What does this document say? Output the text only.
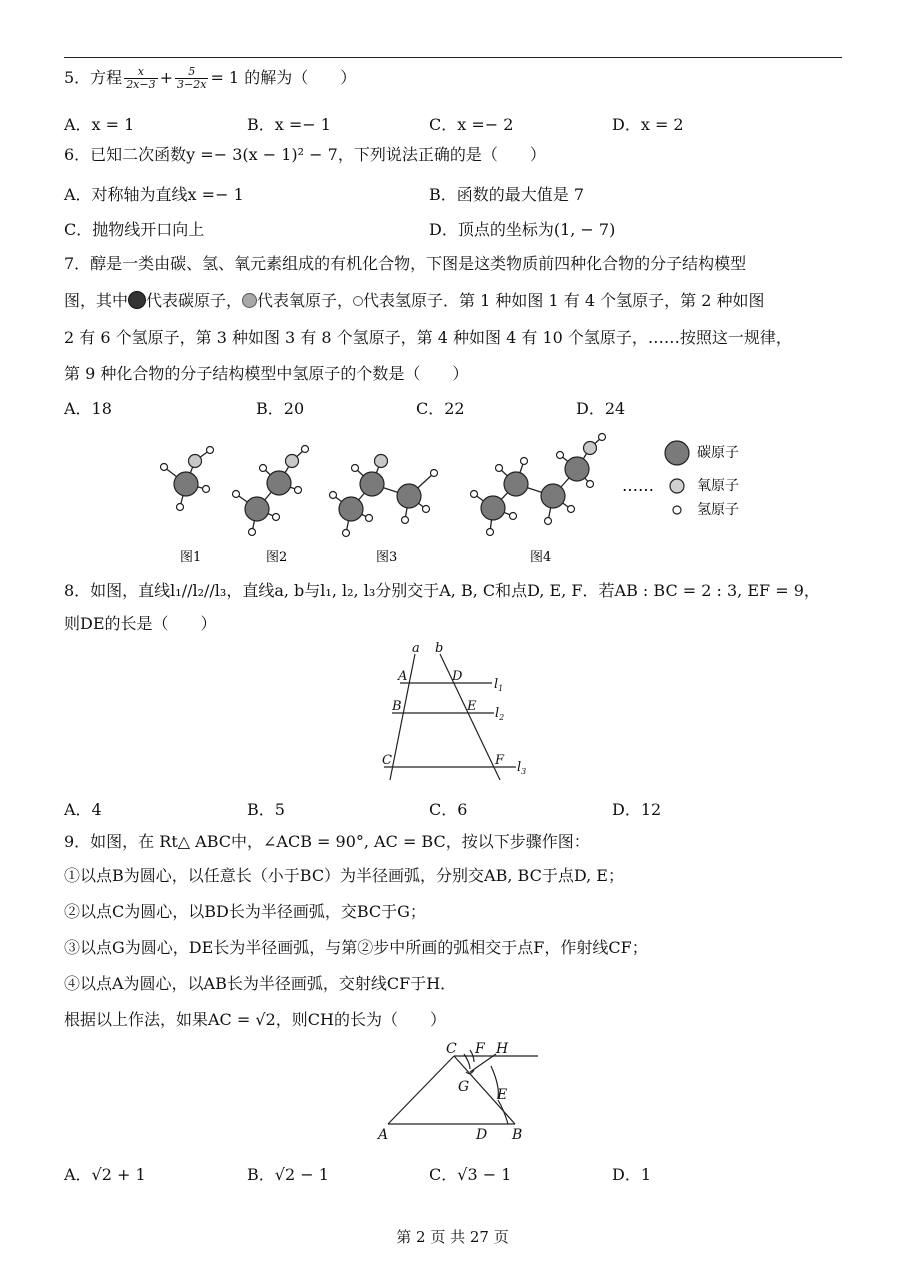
5．方程 $\frac{x}{2x-3} + \frac{5}{3-2x} = 1$ 的解为（　　）
A．x = 1	B．x =− 1	C．x =− 2	D．x = 2
6．已知二次函数y =− 3(x − 1)² − 7，下列说法正确的是（　　）
A．对称轴为直线x =− 1	B．函数的最大值是 7
C．抛物线开口向上	D．顶点的坐标为(1, − 7)
7．醇是一类由碳、氢、氧元素组成的有机化合物，下图是这类物质前四种化合物的分子结构模型
图，其中 代表碳原子， 代表氧原子， 代表氢原子．第 1 种如图 1 有 4 个氢原子，第 2 种如图
2 有 6 个氢原子，第 3 种如图 3 有 8 个氢原子，第 4 种如图 4 有 10 个氢原子，……按照这一规律，
第 9 种化合物的分子结构模型中氢原子的个数是（　　）
A．18	B．20	C．22	D．24
……
碳原子
氧原子
氢原子
图1	图2	图3	图4
8．如图，直线l₁//l₂//l₃，直线a, b与l₁, l₂, l₃分别交于A, B, C和点D, E, F．若AB : BC = 2 : 3, EF = 9，
则DE的长是（　　）
a b
A	D
B	E
C	F
$l_1$
$l_2$
$l_3$
A．4	B．5	C．6	D．12
9．如图，在 Rt△ ABC中，∠ACB = 90°, AC = BC，按以下步骤作图：
①以点B为圆心，以任意长（小于BC）为半径画弧，分别交AB, BC于点D, E；
②以点C为圆心，以BD长为半径画弧，交BC于G；
③以点G为圆心，DE长为半径画弧，与第②步中所画的弧相交于点F，作射线CF；
④以点A为圆心，以AB长为半径画弧，交射线CF于H．
根据以上作法，如果AC = √2，则CH的长为（　　）
A	B
C
D
E
F
G
H
A．√2 + 1	B．√2 − 1	C．√3 − 1	D．1
第 2 页 共 27 页
